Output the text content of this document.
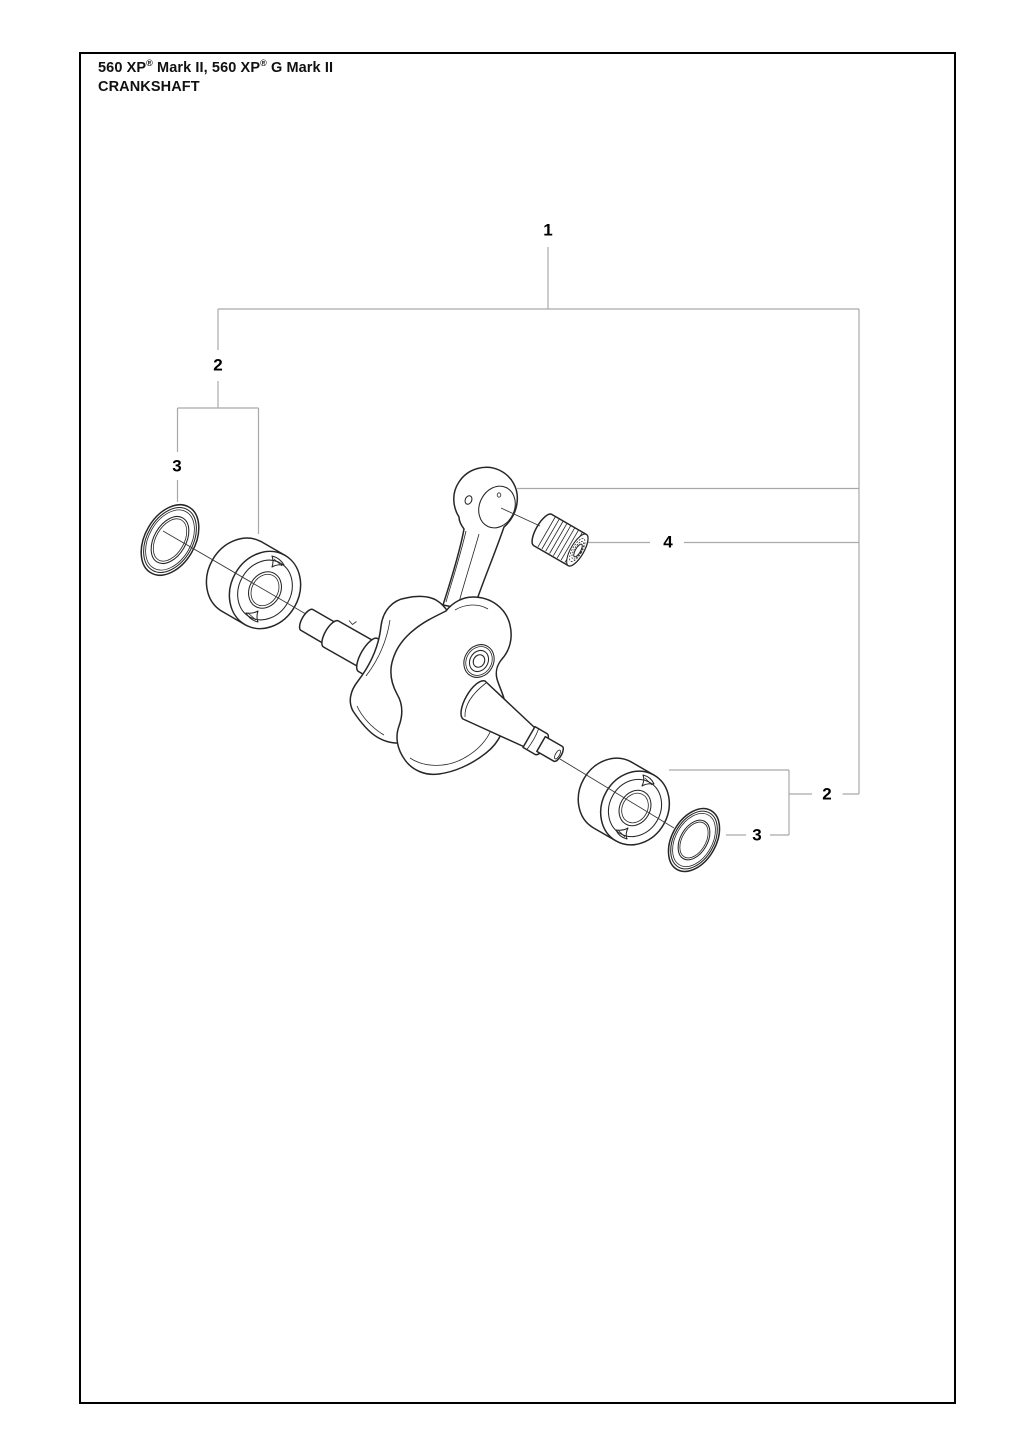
560 XP® Mark II, 560 XP® G Mark II
CRANKSHAFT
1
2
3
4
2
3
